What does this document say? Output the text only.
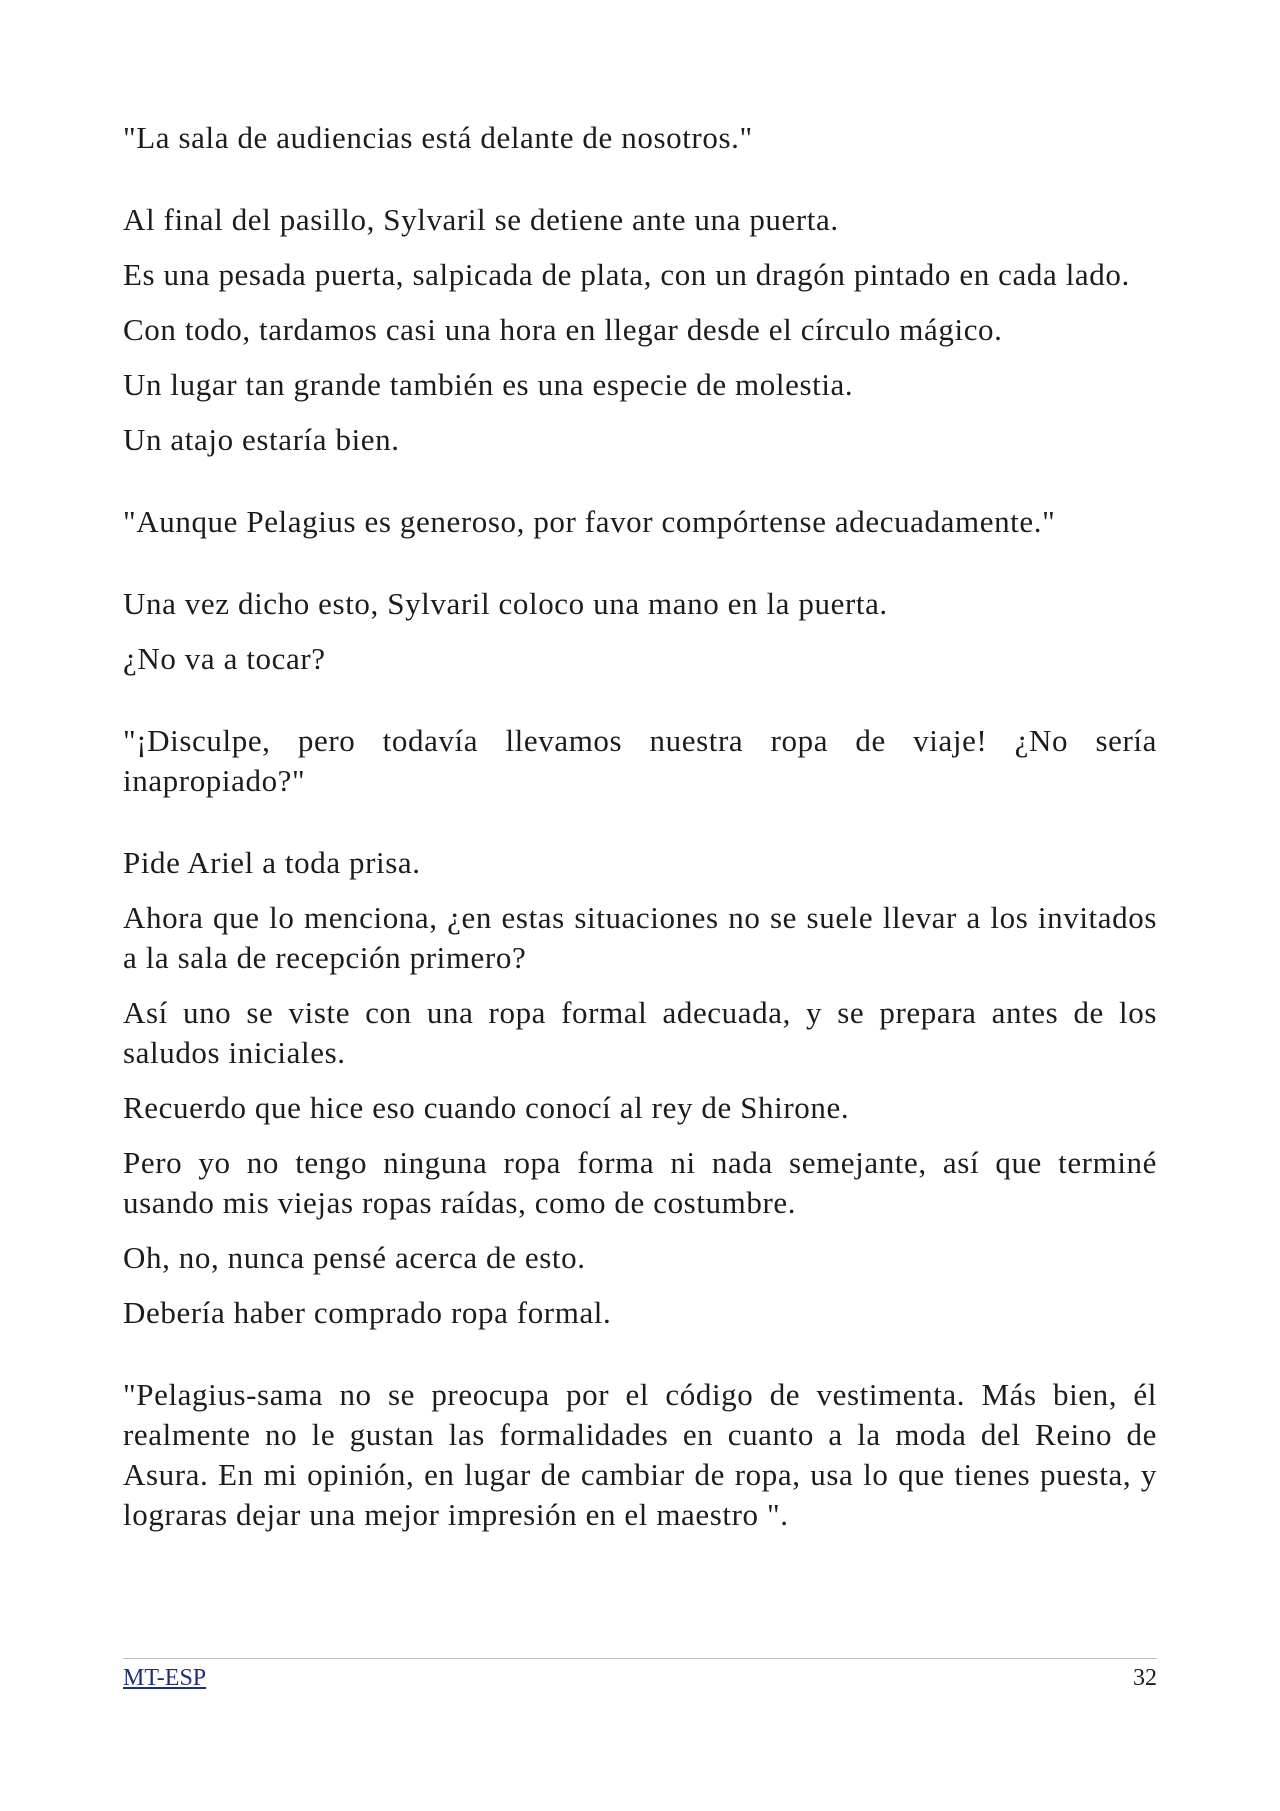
"La sala de audiencias está delante de nosotros."

Al final del pasillo, Sylvaril se detiene ante una puerta.

Es una pesada puerta, salpicada de plata, con un dragón pintado en cada lado.

Con todo, tardamos casi una hora en llegar desde el círculo mágico.

Un lugar tan grande también es una especie de molestia.

Un atajo estaría bien.

"Aunque Pelagius es generoso, por favor compórtense adecuadamente."

Una vez dicho esto, Sylvaril coloco una mano en la puerta.

¿No va a tocar?

"¡Disculpe, pero todavía llevamos nuestra ropa de viaje! ¿No sería inapropiado?"

Pide Ariel a toda prisa.

Ahora que lo menciona, ¿en estas situaciones no se suele llevar a los invitados a la sala de recepción primero?

Así uno se viste con una ropa formal adecuada, y se prepara antes de los saludos iniciales.

Recuerdo que hice eso cuando conocí al rey de Shirone.

Pero yo no tengo ninguna ropa forma ni nada semejante, así que terminé usando mis viejas ropas raídas, como de costumbre.

Oh, no, nunca pensé acerca de esto.

Debería haber comprado ropa formal.

"Pelagius-sama no se preocupa por el código de vestimenta. Más bien, él realmente no le gustan las formalidades en cuanto a la moda del Reino de Asura. En mi opinión, en lugar de cambiar de ropa, usa lo que tienes puesta, y lograras dejar una mejor impresión en el maestro ".

MT-ESP	32
